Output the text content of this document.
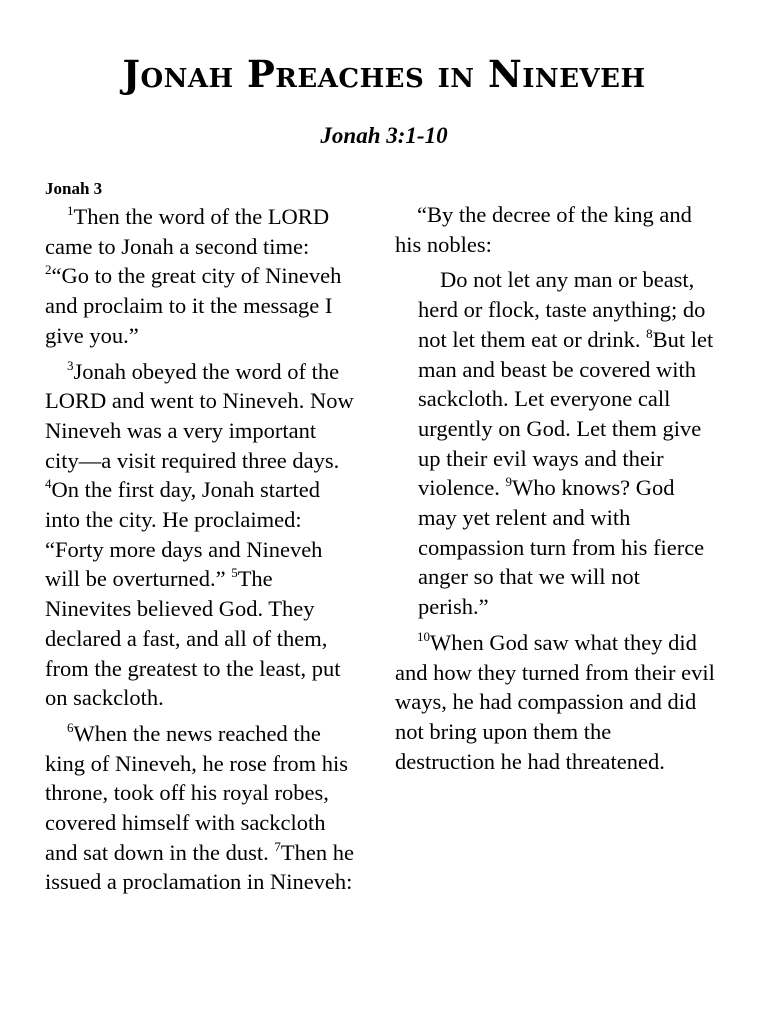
Jonah Preaches in Nineveh
Jonah 3:1-10
Jonah 3

$^1$Then the word of the LORD came to Jonah a second time: $^2$“Go to the great city of Nineveh and proclaim to it the message I give you.”

$^3$Jonah obeyed the word of the LORD and went to Nineveh. Now Nineveh was a very important city—a visit required three days. $^4$On the first day, Jonah started into the city. He proclaimed: “Forty more days and Nineveh will be overturned.” $^5$The Ninevites believed God. They declared a fast, and all of them, from the greatest to the least, put on sackcloth.

$^6$When the news reached the king of Nineveh, he rose from his throne, took off his royal robes, covered himself with sackcloth and sat down in the dust. $^7$Then he issued a proclamation in Nineveh:

“By the decree of the king and his nobles:

Do not let any man or beast, herd or flock, taste anything; do not let them eat or drink. $^8$But let man and beast be covered with sackcloth. Let everyone call urgently on God. Let them give up their evil ways and their violence. $^9$Who knows? God may yet relent and with compassion turn from his fierce anger so that we will not perish.”

$^{10}$When God saw what they did and how they turned from their evil ways, he had compassion and did not bring upon them the destruction he had threatened.
